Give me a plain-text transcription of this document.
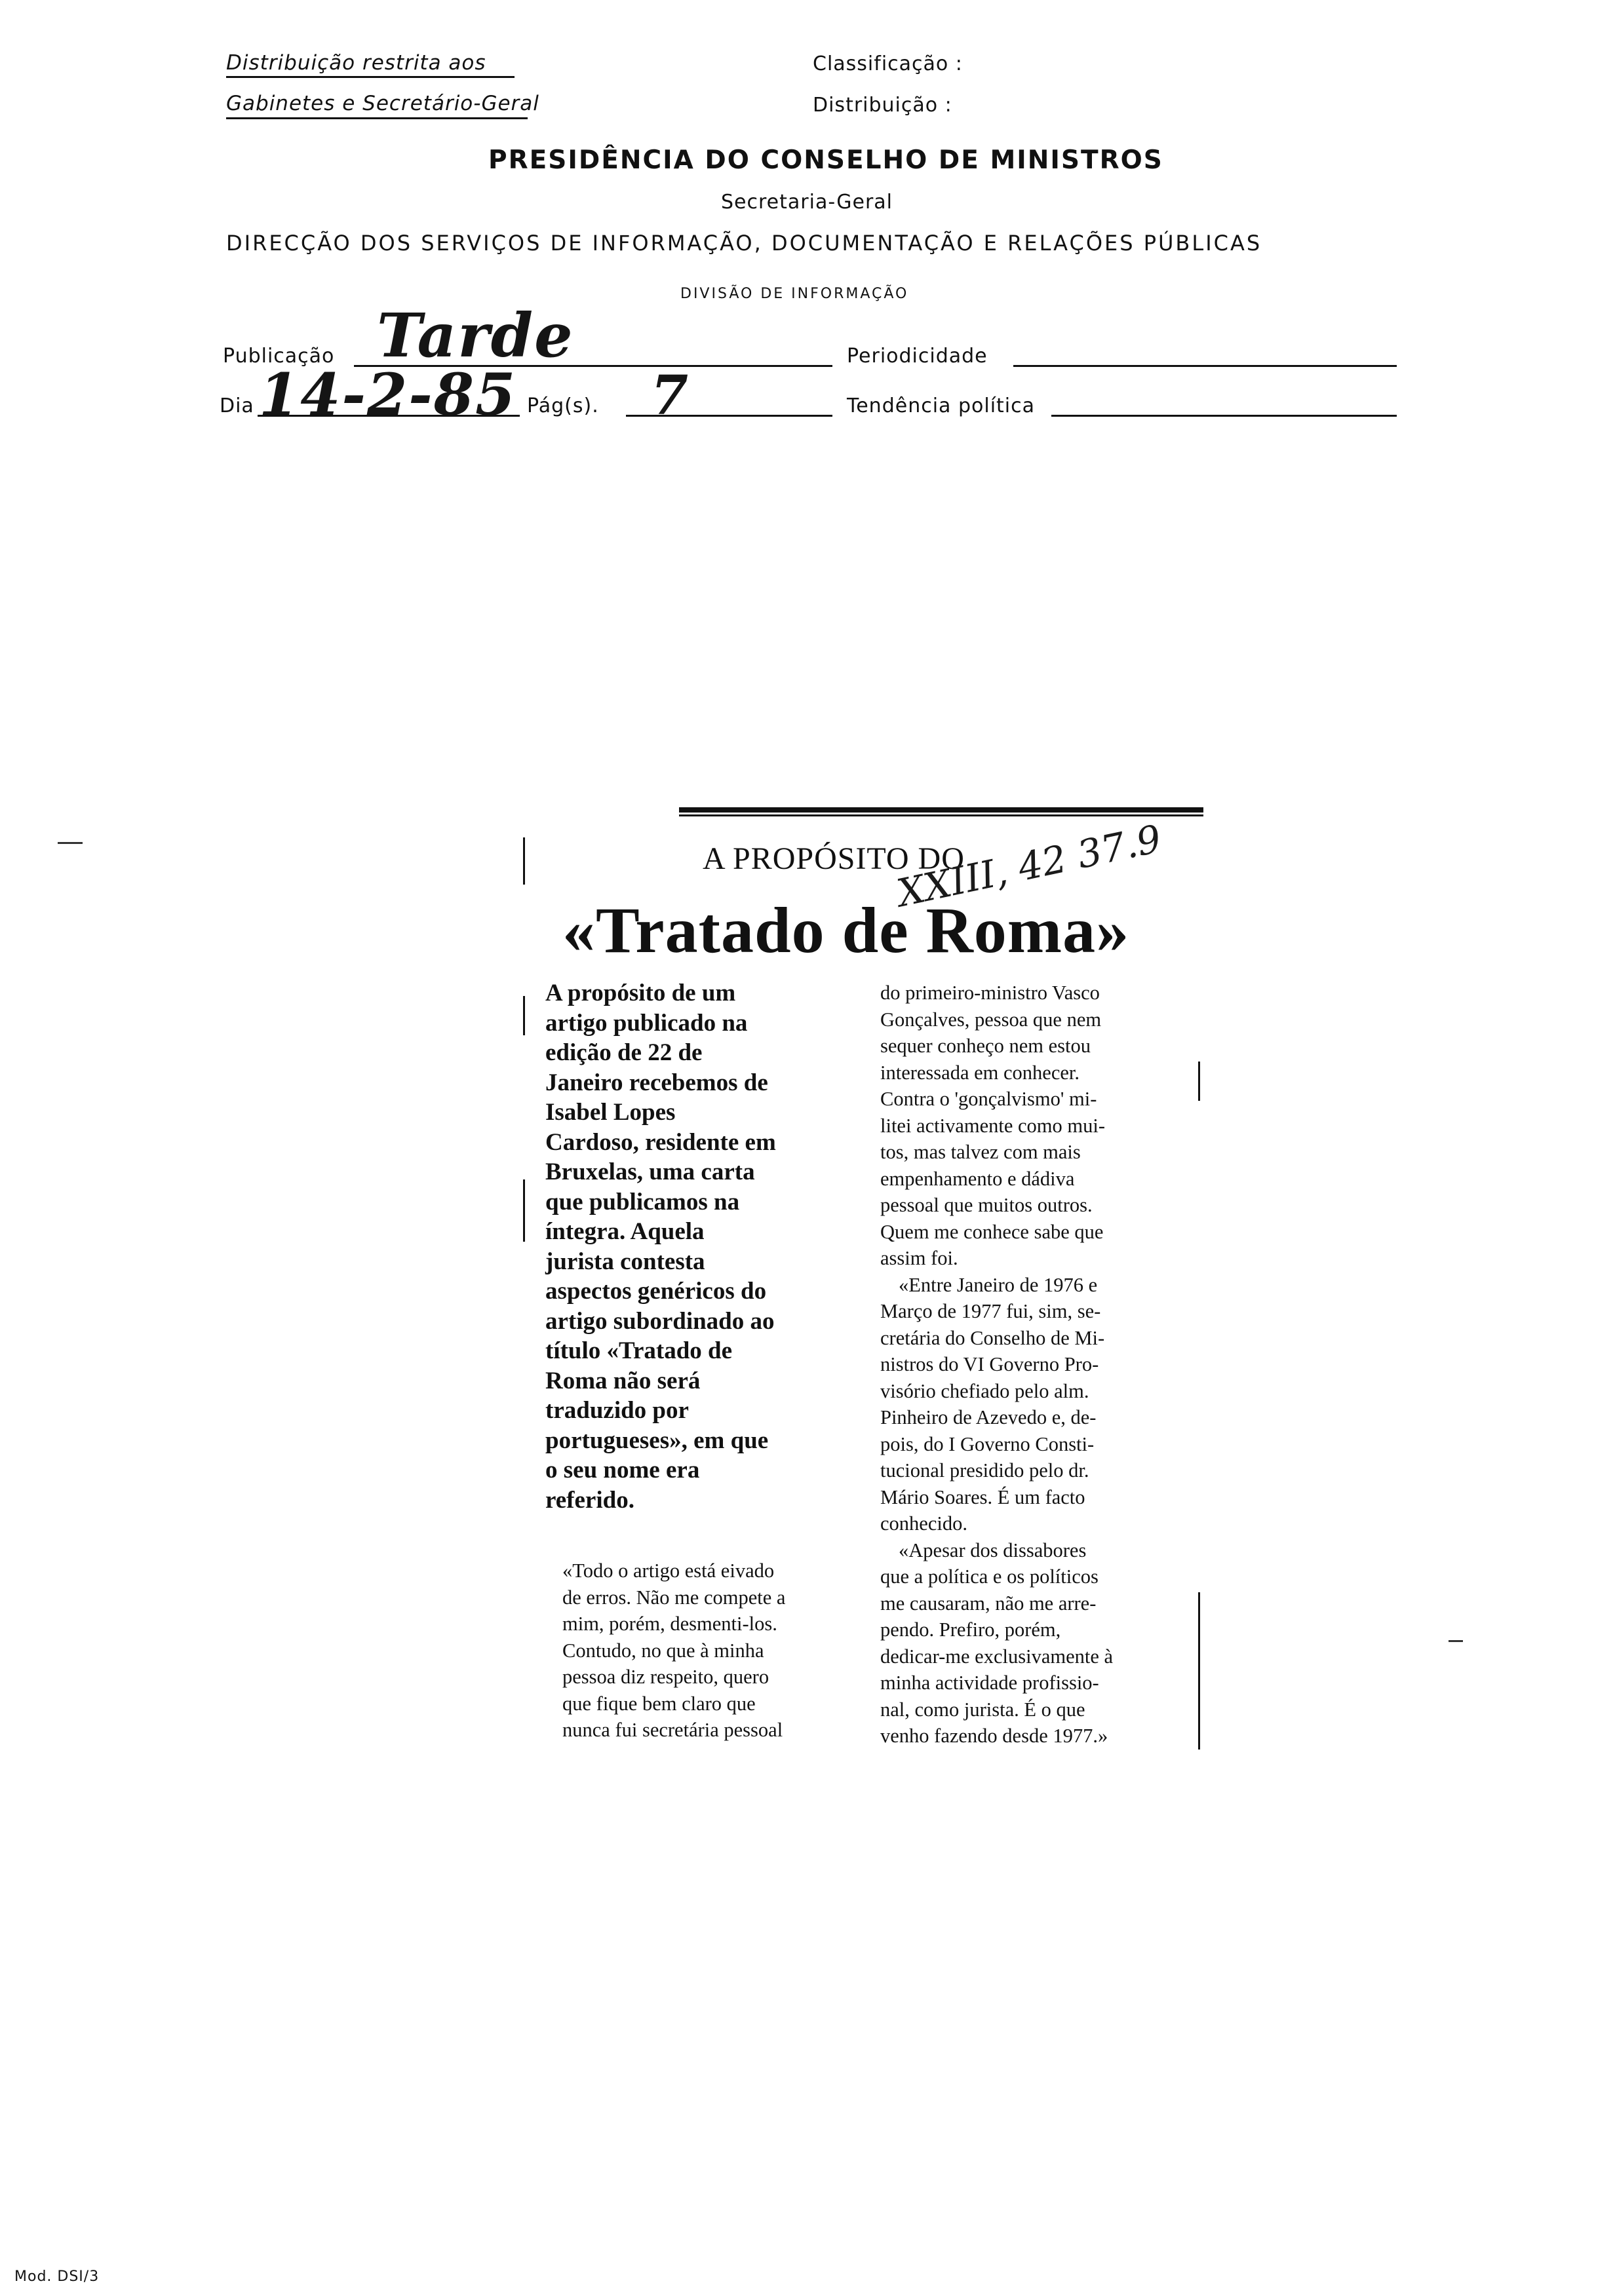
Distribuição restrita aos
Gabinetes e Secretário-Geral
Classificação :
Distribuição :
PRESIDÊNCIA DO CONSELHO DE MINISTROS
Secretaria-Geral
DIRECÇÃO DOS SERVIÇOS DE INFORMAÇÃO, DOCUMENTAÇÃO E RELAÇÕES PÚBLICAS
DIVISÃO DE INFORMAÇÃO
Publicação Tarde	Periodicidade
Dia 14-2-85 Pág(s). 7	Tendência política
A PROPÓSITO DO
«Tratado de Roma»
XXIII, 42 37.9
A propósito de um
artigo publicado na
edição de 22 de
Janeiro recebemos de
Isabel Lopes
Cardoso, residente em
Bruxelas, uma carta
que publicamos na
íntegra. Aquela
jurista contesta
aspectos genéricos do
artigo subordinado ao
título «Tratado de
Roma não será
traduzido por
portugueses», em que
o seu nome era
referido.
«Todo o artigo está eivado
de erros. Não me compete a
mim, porém, desmenti-los.
Contudo, no que à minha
pessoa diz respeito, quero
que fique bem claro que
nunca fui secretária pessoal
do primeiro-ministro Vasco
Gonçalves, pessoa que nem
sequer conheço nem estou
interessada em conhecer.
Contra o 'gonçalvismo' mi-
litei activamente como mui-
tos, mas talvez com mais
empenhamento e dádiva
pessoal que muitos outros.
Quem me conhece sabe que
assim foi.
«Entre Janeiro de 1976 e
Março de 1977 fui, sim, se-
cretária do Conselho de Mi-
nistros do VI Governo Pro-
visório chefiado pelo alm.
Pinheiro de Azevedo e, de-
pois, do I Governo Consti-
tucional presidido pelo dr.
Mário Soares. É um facto
conhecido.
«Apesar dos dissabores
que a política e os políticos
me causaram, não me arre-
pendo. Prefiro, porém,
dedicar-me exclusivamente à
minha actividade profissio-
nal, como jurista. É o que
venho fazendo desde 1977.»
Mod. DSI/3
